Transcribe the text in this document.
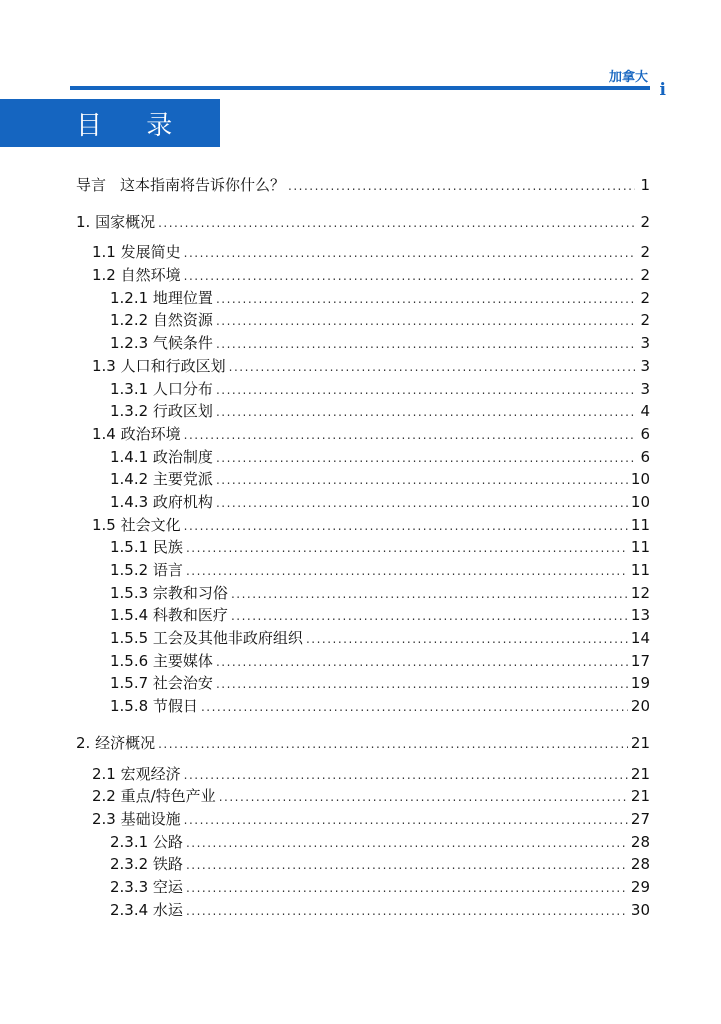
加拿大
i
目 录
导言 这本指南将告诉你什么？ .....	1
1. 国家概况 .....	2
1.1 发展简史 .....	2
1.2 自然环境 .....	2
1.2.1 地理位置 .....	2
1.2.2 自然资源 .....	2
1.2.3 气候条件 .....	3
1.3 人口和行政区划 .....	3
1.3.1 人口分布 .....	3
1.3.2 行政区划 .....	4
1.4 政治环境 .....	6
1.4.1 政治制度 .....	6
1.4.2 主要党派 .....	10
1.4.3 政府机构 .....	10
1.5 社会文化 .....	11
1.5.1 民族 .....	11
1.5.2 语言 .....	11
1.5.3 宗教和习俗 .....	12
1.5.4 科教和医疗 .....	13
1.5.5 工会及其他非政府组织 .....	14
1.5.6 主要媒体 .....	17
1.5.7 社会治安 .....	19
1.5.8 节假日 .....	20
2. 经济概况 .....	21
2.1 宏观经济 .....	21
2.2 重点/特色产业 .....	21
2.3 基础设施 .....	27
2.3.1 公路 .....	28
2.3.2 铁路 .....	28
2.3.3 空运 .....	29
2.3.4 水运 .....	30
